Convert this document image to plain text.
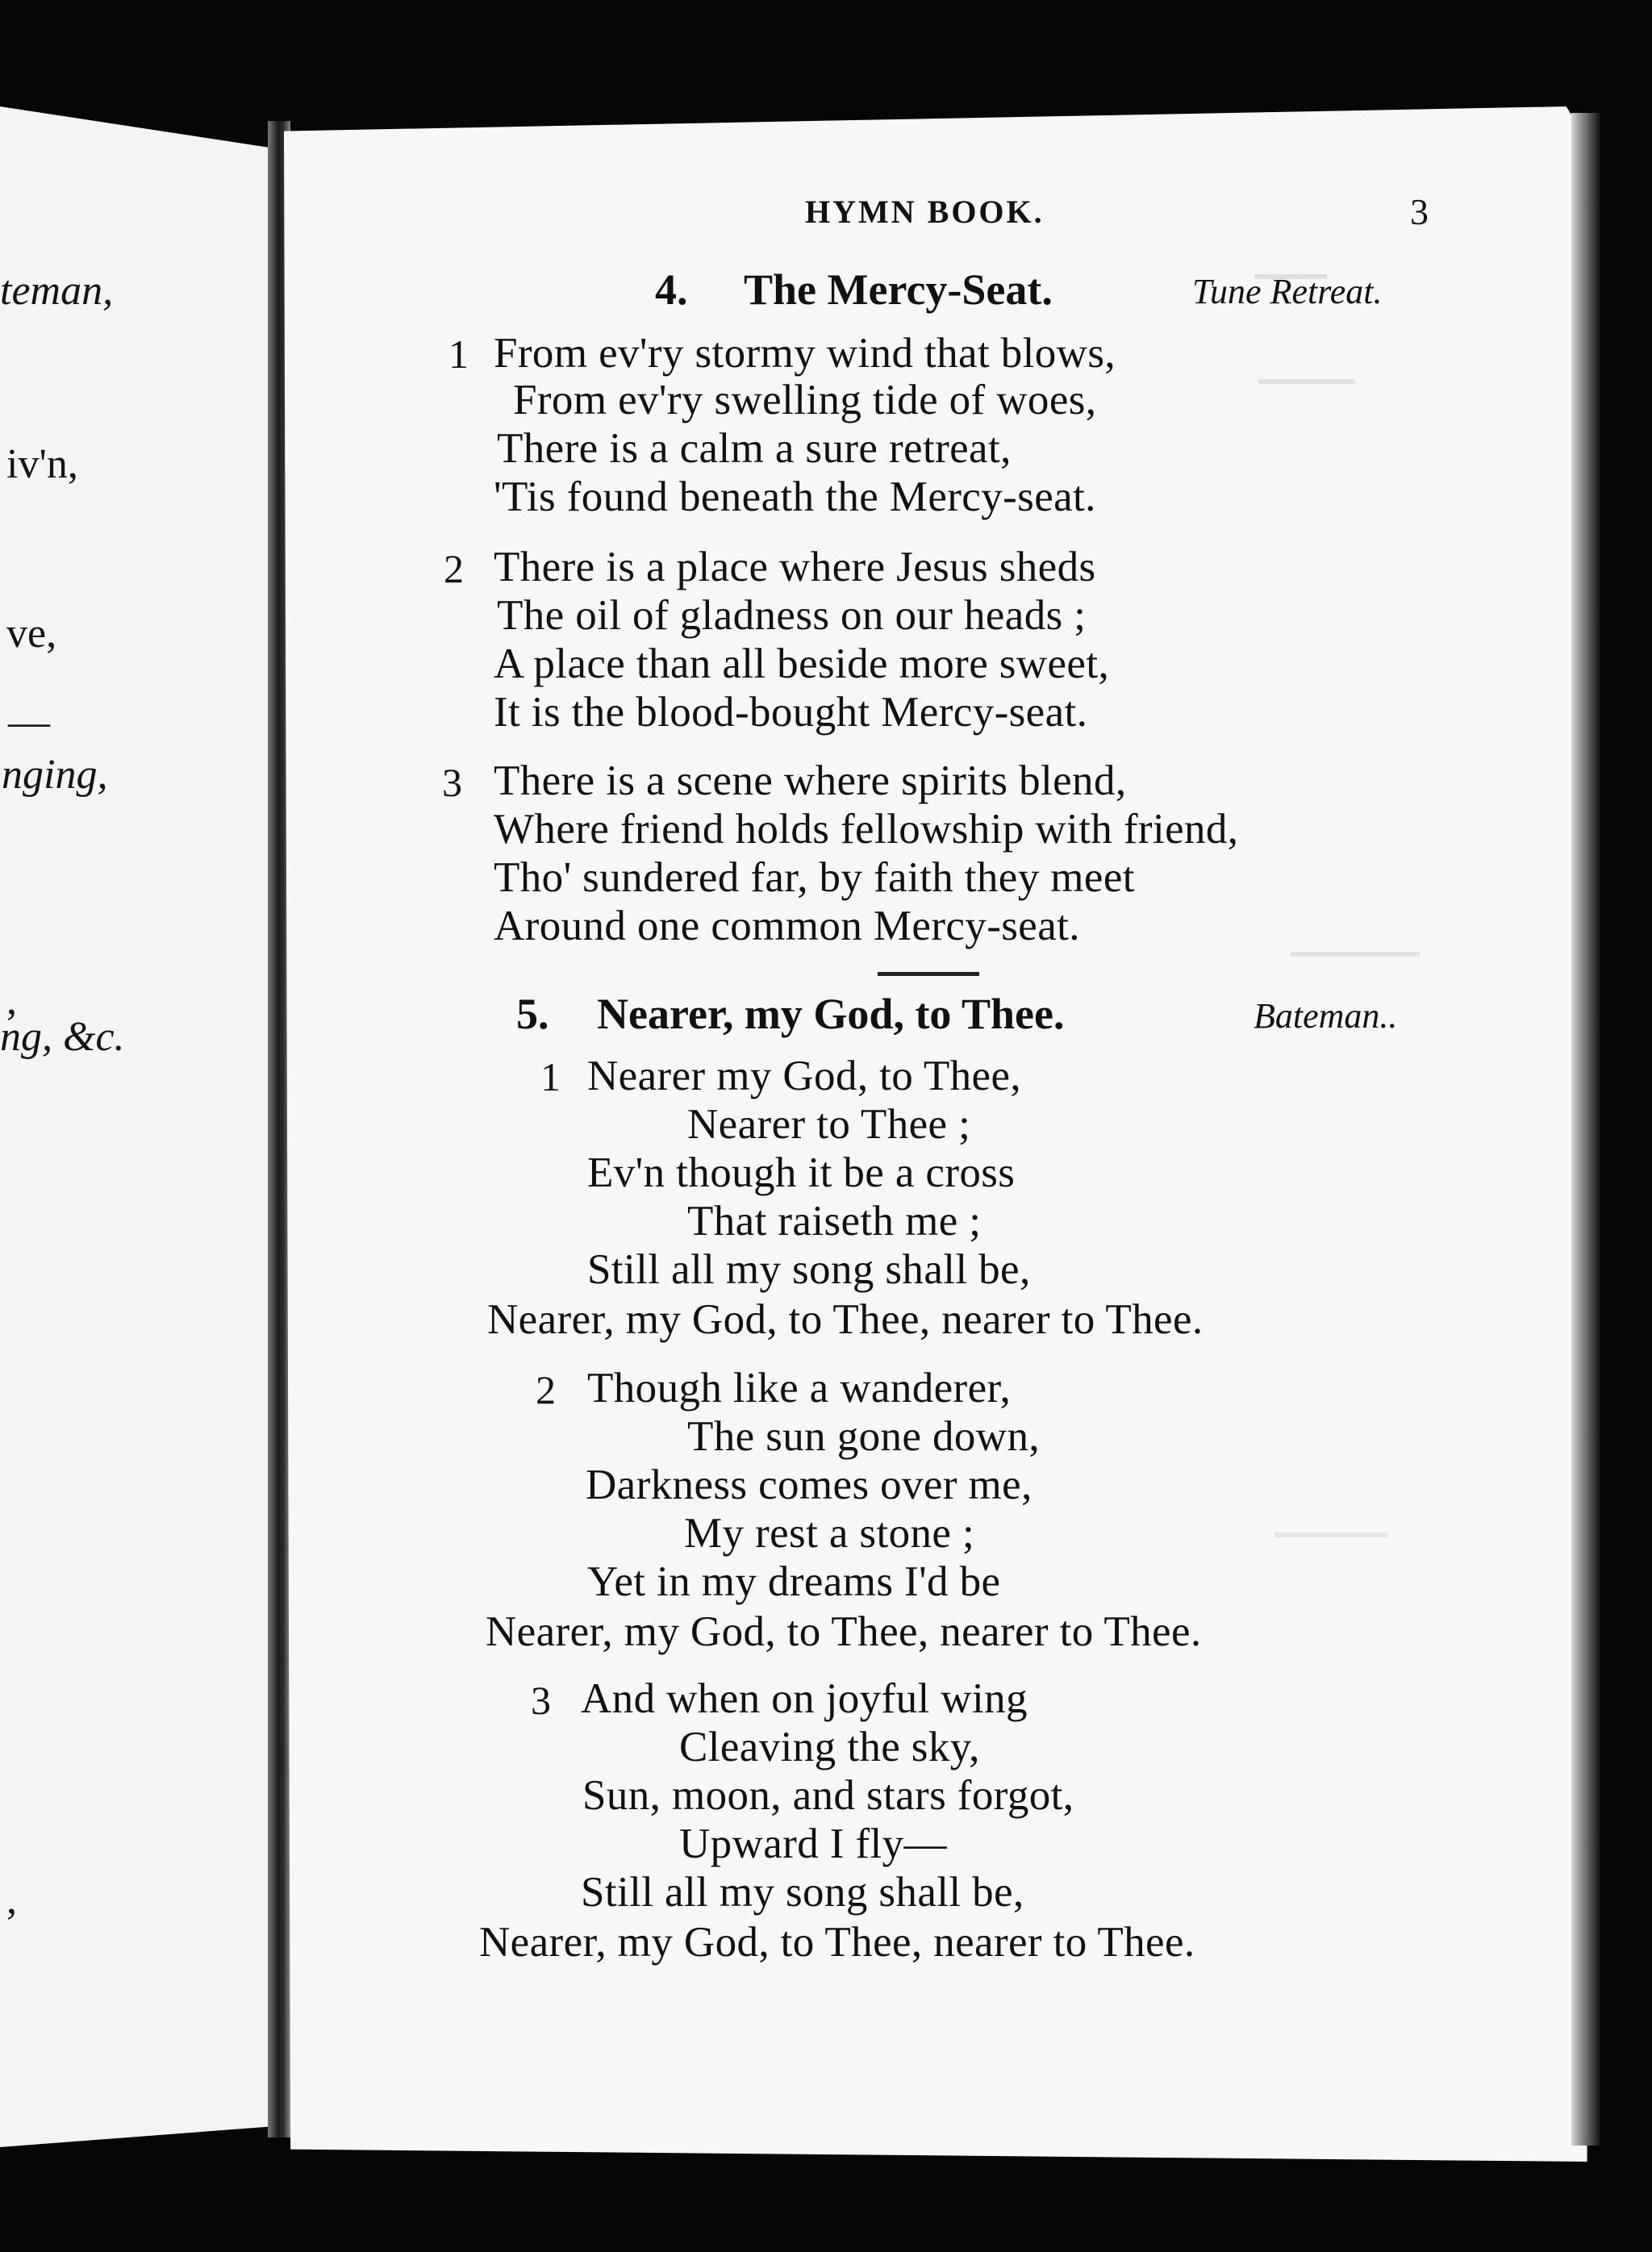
teman,
iv'n,
ve,
—
nging,
,
ng, &c.
,
HYMN BOOK.	3
4. The Mercy-Seat.	Tune Retreat.
1 From ev'ry stormy wind that blows,
From ev'ry swelling tide of woes,
There is a calm a sure retreat,
'Tis found beneath the Mercy-seat.
2 There is a place where Jesus sheds
The oil of gladness on our heads ;
A place than all beside more sweet,
It is the blood-bought Mercy-seat.
3 There is a scene where spirits blend,
Where friend holds fellowship with friend,
Tho' sundered far, by faith they meet
Around one common Mercy-seat.
5. Nearer, my God, to Thee.	Bateman..
1 Nearer my God, to Thee,
Nearer to Thee ;
Ev'n though it be a cross
That raiseth me ;
Still all my song shall be,
Nearer, my God, to Thee, nearer to Thee.
2 Though like a wanderer,
The sun gone down,
Darkness comes over me,
My rest a stone ;
Yet in my dreams I'd be
Nearer, my God, to Thee, nearer to Thee.
3 And when on joyful wing
Cleaving the sky,
Sun, moon, and stars forgot,
Upward I fly—
Still all my song shall be,
Nearer, my God, to Thee, nearer to Thee.
